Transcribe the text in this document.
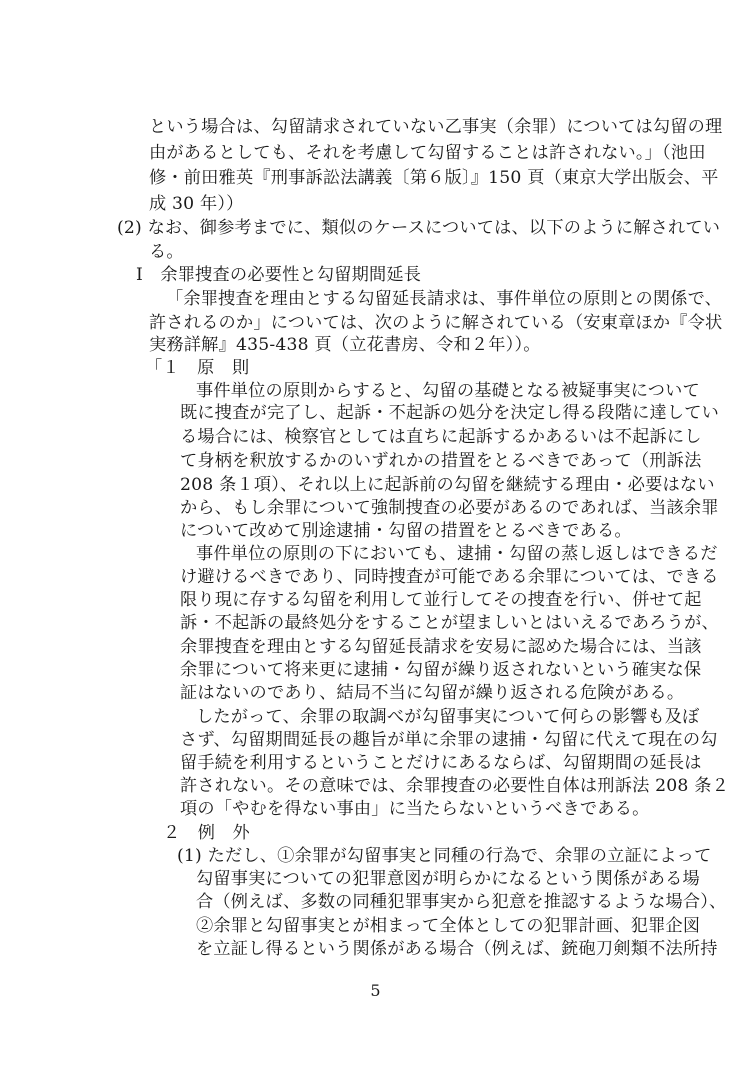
という場合は、勾留請求されていない乙事実（余罪）については勾留の理
由があるとしても、それを考慮して勾留することは許されない。」（池田
修・前田雅英『刑事訴訟法講義〔第６版〕』150 頁（東京大学出版会、平
成 30 年））
(2) なお、御参考までに、類似のケースについては、以下のように解されてい
る。
Ⅰ　余罪捜査の必要性と勾留期間延長
「余罪捜査を理由とする勾留延長請求は、事件単位の原則との関係で、
許されるのか」については、次のように解されている（安東章ほか『令状
実務詳解』435-438 頁（立花書房、令和２年））。
「１　原　則
事件単位の原則からすると、勾留の基礎となる被疑事実について
既に捜査が完了し、起訴・不起訴の処分を決定し得る段階に達してい
る場合には、検察官としては直ちに起訴するかあるいは不起訴にし
て身柄を釈放するかのいずれかの措置をとるべきであって（刑訴法
208 条１項）、それ以上に起訴前の勾留を継続する理由・必要はない
から、もし余罪について強制捜査の必要があるのであれば、当該余罪
について改めて別途逮捕・勾留の措置をとるべきである。
事件単位の原則の下においても、逮捕・勾留の蒸し返しはできるだ
け避けるべきであり、同時捜査が可能である余罪については、できる
限り現に存する勾留を利用して並行してその捜査を行い、併せて起
訴・不起訴の最終処分をすることが望ましいとはいえるであろうが、
余罪捜査を理由とする勾留延長請求を安易に認めた場合には、当該
余罪について将来更に逮捕・勾留が繰り返されないという確実な保
証はないのであり、結局不当に勾留が繰り返される危険がある。
したがって、余罪の取調べが勾留事実について何らの影響も及ぼ
さず、勾留期間延長の趣旨が単に余罪の逮捕・勾留に代えて現在の勾
留手続を利用するということだけにあるならば、勾留期間の延長は
許されない。その意味では、余罪捜査の必要性自体は刑訴法 208 条２
項の「やむを得ない事由」に当たらないというべきである。
２　例　外
(1) ただし、①余罪が勾留事実と同種の行為で、余罪の立証によって
勾留事実についての犯罪意図が明らかになるという関係がある場
合（例えば、多数の同種犯罪事実から犯意を推認するような場合）、
②余罪と勾留事実とが相まって全体としての犯罪計画、犯罪企図
を立証し得るという関係がある場合（例えば、銃砲刀剣類不法所持
5
